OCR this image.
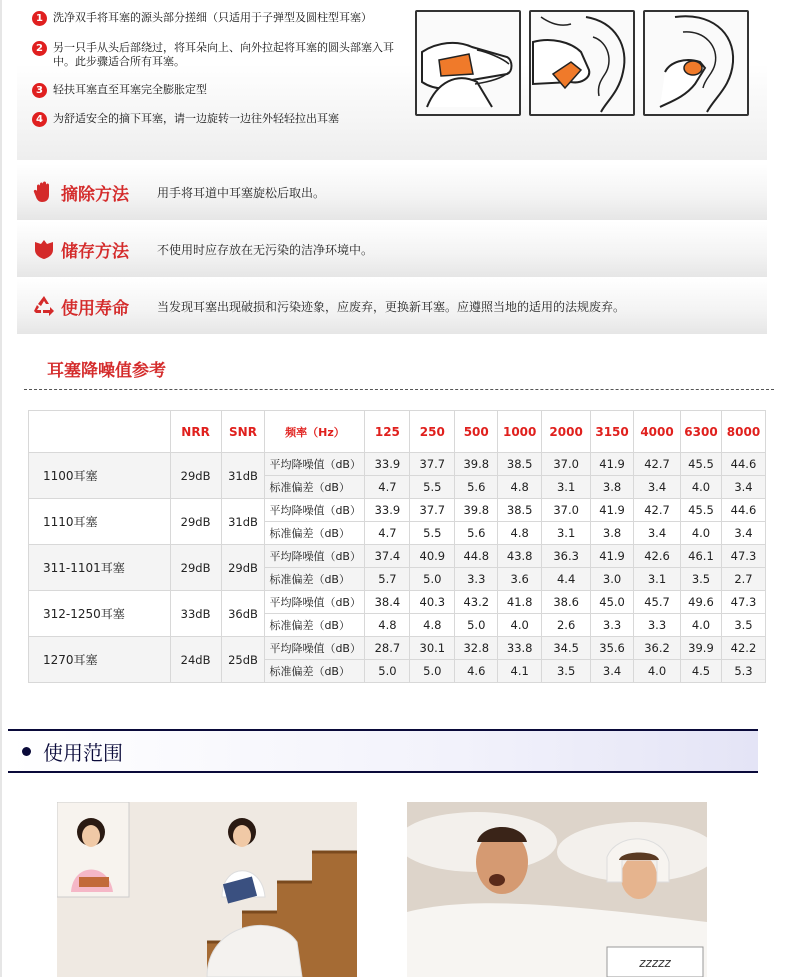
1 洗净双手将耳塞的源头部分搓细（只适用于子弹型及圆柱型耳塞）
2 另一只手从头后部绕过，将耳朵向上、向外拉起将耳塞的圆头部塞入耳中。此步骤适合所有耳塞。
3 轻扶耳塞直至耳塞完全膨胀定型
4 为舒适安全的摘下耳塞，请一边旋转一边往外轻轻拉出耳塞
摘除方法	用手将耳道中耳塞旋松后取出。
储存方法	不使用时应存放在无污染的洁净环境中。
使用寿命	当发现耳塞出现破损和污染迹象，应废弃，更换新耳塞。应遵照当地的适用的法规废弃。
耳塞降噪值参考
	NRR	SNR	频率（Hz）	125	250	500	1000	2000	3150	4000	6300	8000
1100耳塞	29dB	31dB	平均降噪值（dB）	33.9	37.7	39.8	38.5	37.0	41.9	42.7	45.5	44.6
			标准偏差（dB）	4.7	5.5	5.6	4.8	3.1	3.8	3.4	4.0	3.4
1110耳塞	29dB	31dB	平均降噪值（dB）	33.9	37.7	39.8	38.5	37.0	41.9	42.7	45.5	44.6
			标准偏差（dB）	4.7	5.5	5.6	4.8	3.1	3.8	3.4	4.0	3.4
311-1101耳塞	29dB	29dB	平均降噪值（dB）	37.4	40.9	44.8	43.8	36.3	41.9	42.6	46.1	47.3
			标准偏差（dB）	5.7	5.0	3.3	3.6	4.4	3.0	3.1	3.5	2.7
312-1250耳塞	33dB	36dB	平均降噪值（dB）	38.4	40.3	43.2	41.8	38.6	45.0	45.7	49.6	47.3
			标准偏差（dB）	4.8	4.8	5.0	4.0	2.6	3.3	3.3	4.0	3.5
1270耳塞	24dB	25dB	平均降噪值（dB）	28.7	30.1	32.8	33.8	34.5	35.6	36.2	39.9	42.2
			标准偏差（dB）	5.0	5.0	4.6	4.1	3.5	3.4	4.0	4.5	5.3
使用范围
zzzzz
